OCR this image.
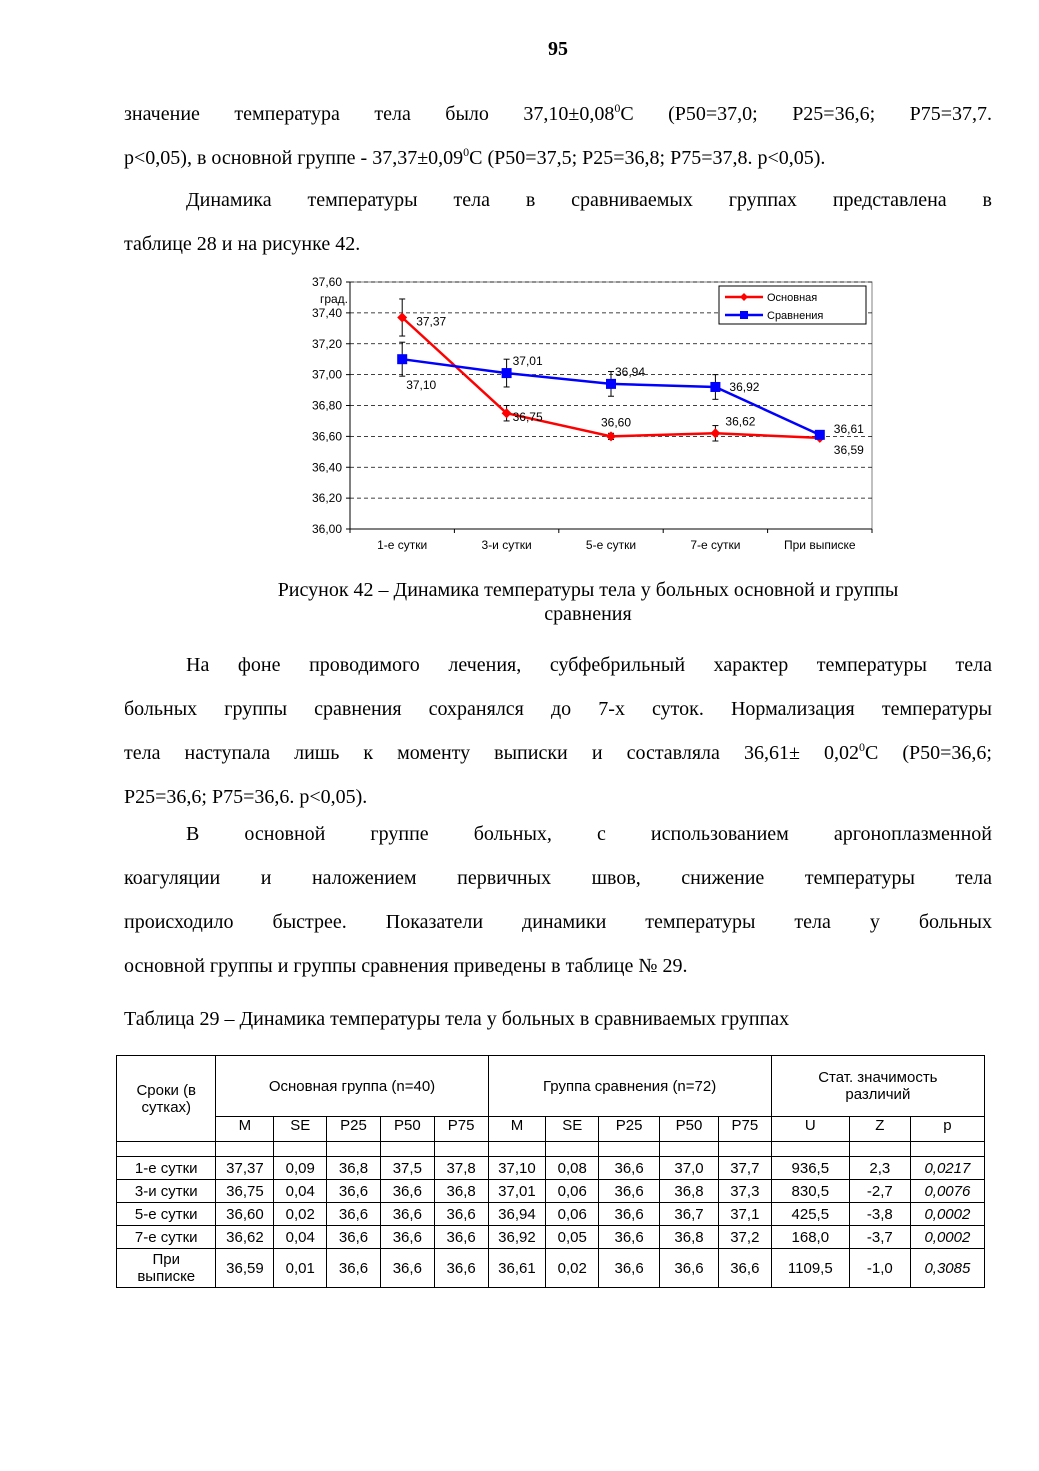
95

значение температура тела было $37,10\pm 0,08^0С$ (P50=37,0; P25=36,6; P75=37,7.
p<0,05), в основной группе - $37,37\pm 0,09^0С$ (P50=37,5; P25=36,8; P75=37,8. p<0,05).

Динамика температуры тела в сравниваемых группах представлена в
таблице 28 и на рисунке 42.

36,00
36,20
36,40
36,60
36,80
37,00
37,20
37,40
37,60
град.
1-е сутки	3-и сутки	5-е сутки	7-е сутки	При выписке
37,37
36,75	36,60	36,62
36,59
37,10
37,01
36,94
36,92
36,61
Основная
Сравнения
Рисунок 42 – Динамика температуры тела у больных основной и группы
сравнения

На фоне проводимого лечения, субфебрильный характер температуры тела
больных группы сравнения сохранялся до 7-х суток. Нормализация температуры
тела наступала лишь к моменту выписки и составляла $36,61\pm 0,02^0С$ (P50=36,6;
P25=36,6; P75=36,6. p<0,05).

В основной группе больных, с использованием аргоноплазменной
коагуляции и наложением первичных швов, снижение температуры тела
происходило быстрее. Показатели динамики температуры тела у больных
основной группы и группы сравнения приведены в таблице № 29.

Таблица 29 – Динамика температуры тела у больных в сравниваемых группах
Сроки (в сутках)	Основная группа (n=40)					Группа сравнения (n=72)					Стат. значимость различий		
	M	SE	P25	P50	P75	M	SE	P25	P50	P75	U	Z	p

1-е сутки	37,37	0,09	36,8	37,5	37,8	37,10	0,08	36,6	37,0	37,7	936,5	2,3	0,0217
3-и сутки	36,75	0,04	36,6	36,6	36,8	37,01	0,06	36,6	36,8	37,3	830,5	-2,7	0,0076
5-е сутки	36,60	0,02	36,6	36,6	36,6	36,94	0,06	36,6	36,7	37,1	425,5	-3,8	0,0002
7-е сутки	36,62	0,04	36,6	36,6	36,6	36,92	0,05	36,6	36,8	37,2	168,0	-3,7	0,0002
При выписке	36,59	0,01	36,6	36,6	36,6	36,61	0,02	36,6	36,6	36,6	1109,5	-1,0	0,3085
